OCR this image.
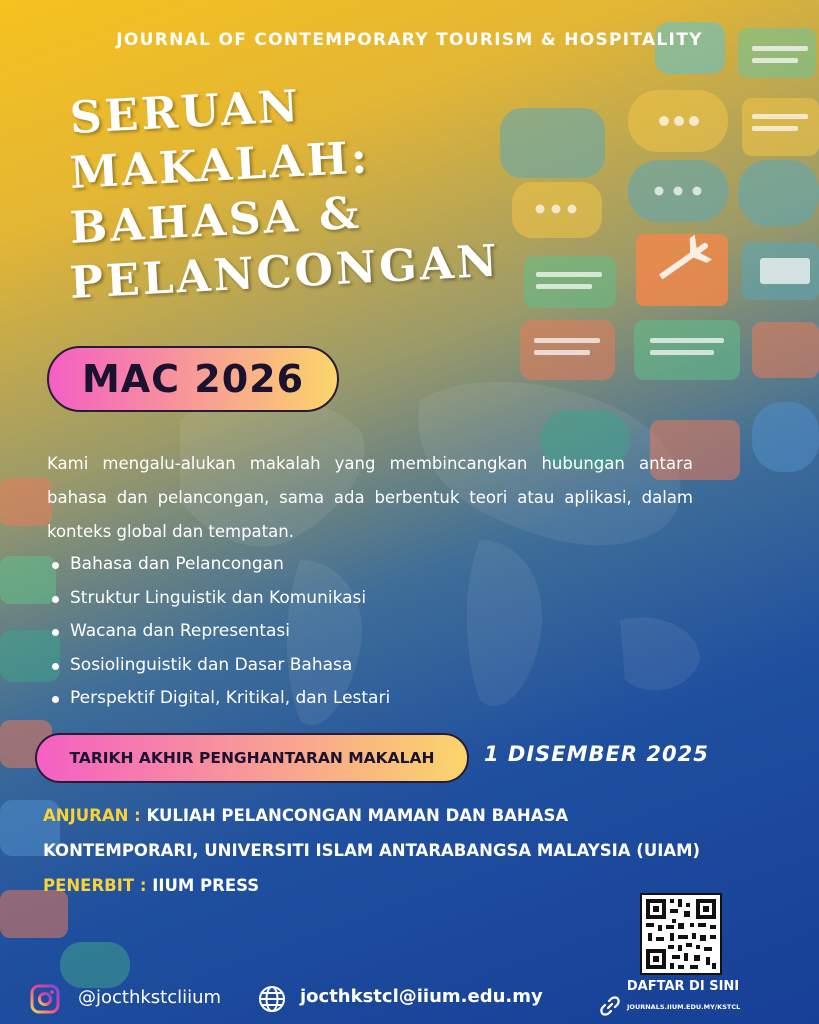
JOURNAL OF CONTEMPORARY TOURISM & HOSPITALITY

SERUAN
MAKALAH:
BAHASA &
PELANCONGAN
MAC 2026

Kami mengalu-alukan makalah yang membincangkan hubungan antara bahasa dan pelancongan, sama ada berbentuk teori atau aplikasi, dalam konteks global dan tempatan.

Bahasa dan Pelancongan
Struktur Linguistik dan Komunikasi
Wacana dan Representasi
Sosiolinguistik dan Dasar Bahasa
Perspektif Digital, Kritikal, dan Lestari
TARIKH AKHIR PENGHANTARAN MAKALAH 1 DISEMBER 2025

ANJURAN : KULIAH PELANCONGAN MAMAN DAN BAHASA
KONTEMPORARI, UNIVERSITI ISLAM ANTARABANGSA MALAYSIA (UIAM)
PENERBIT : IIUM PRESS

DAFTAR DI SINI

JOURNALS.IIUM.EDU.MY/KSTCL

@jocthkstcliium	jocthkstcl@iium.edu.my
